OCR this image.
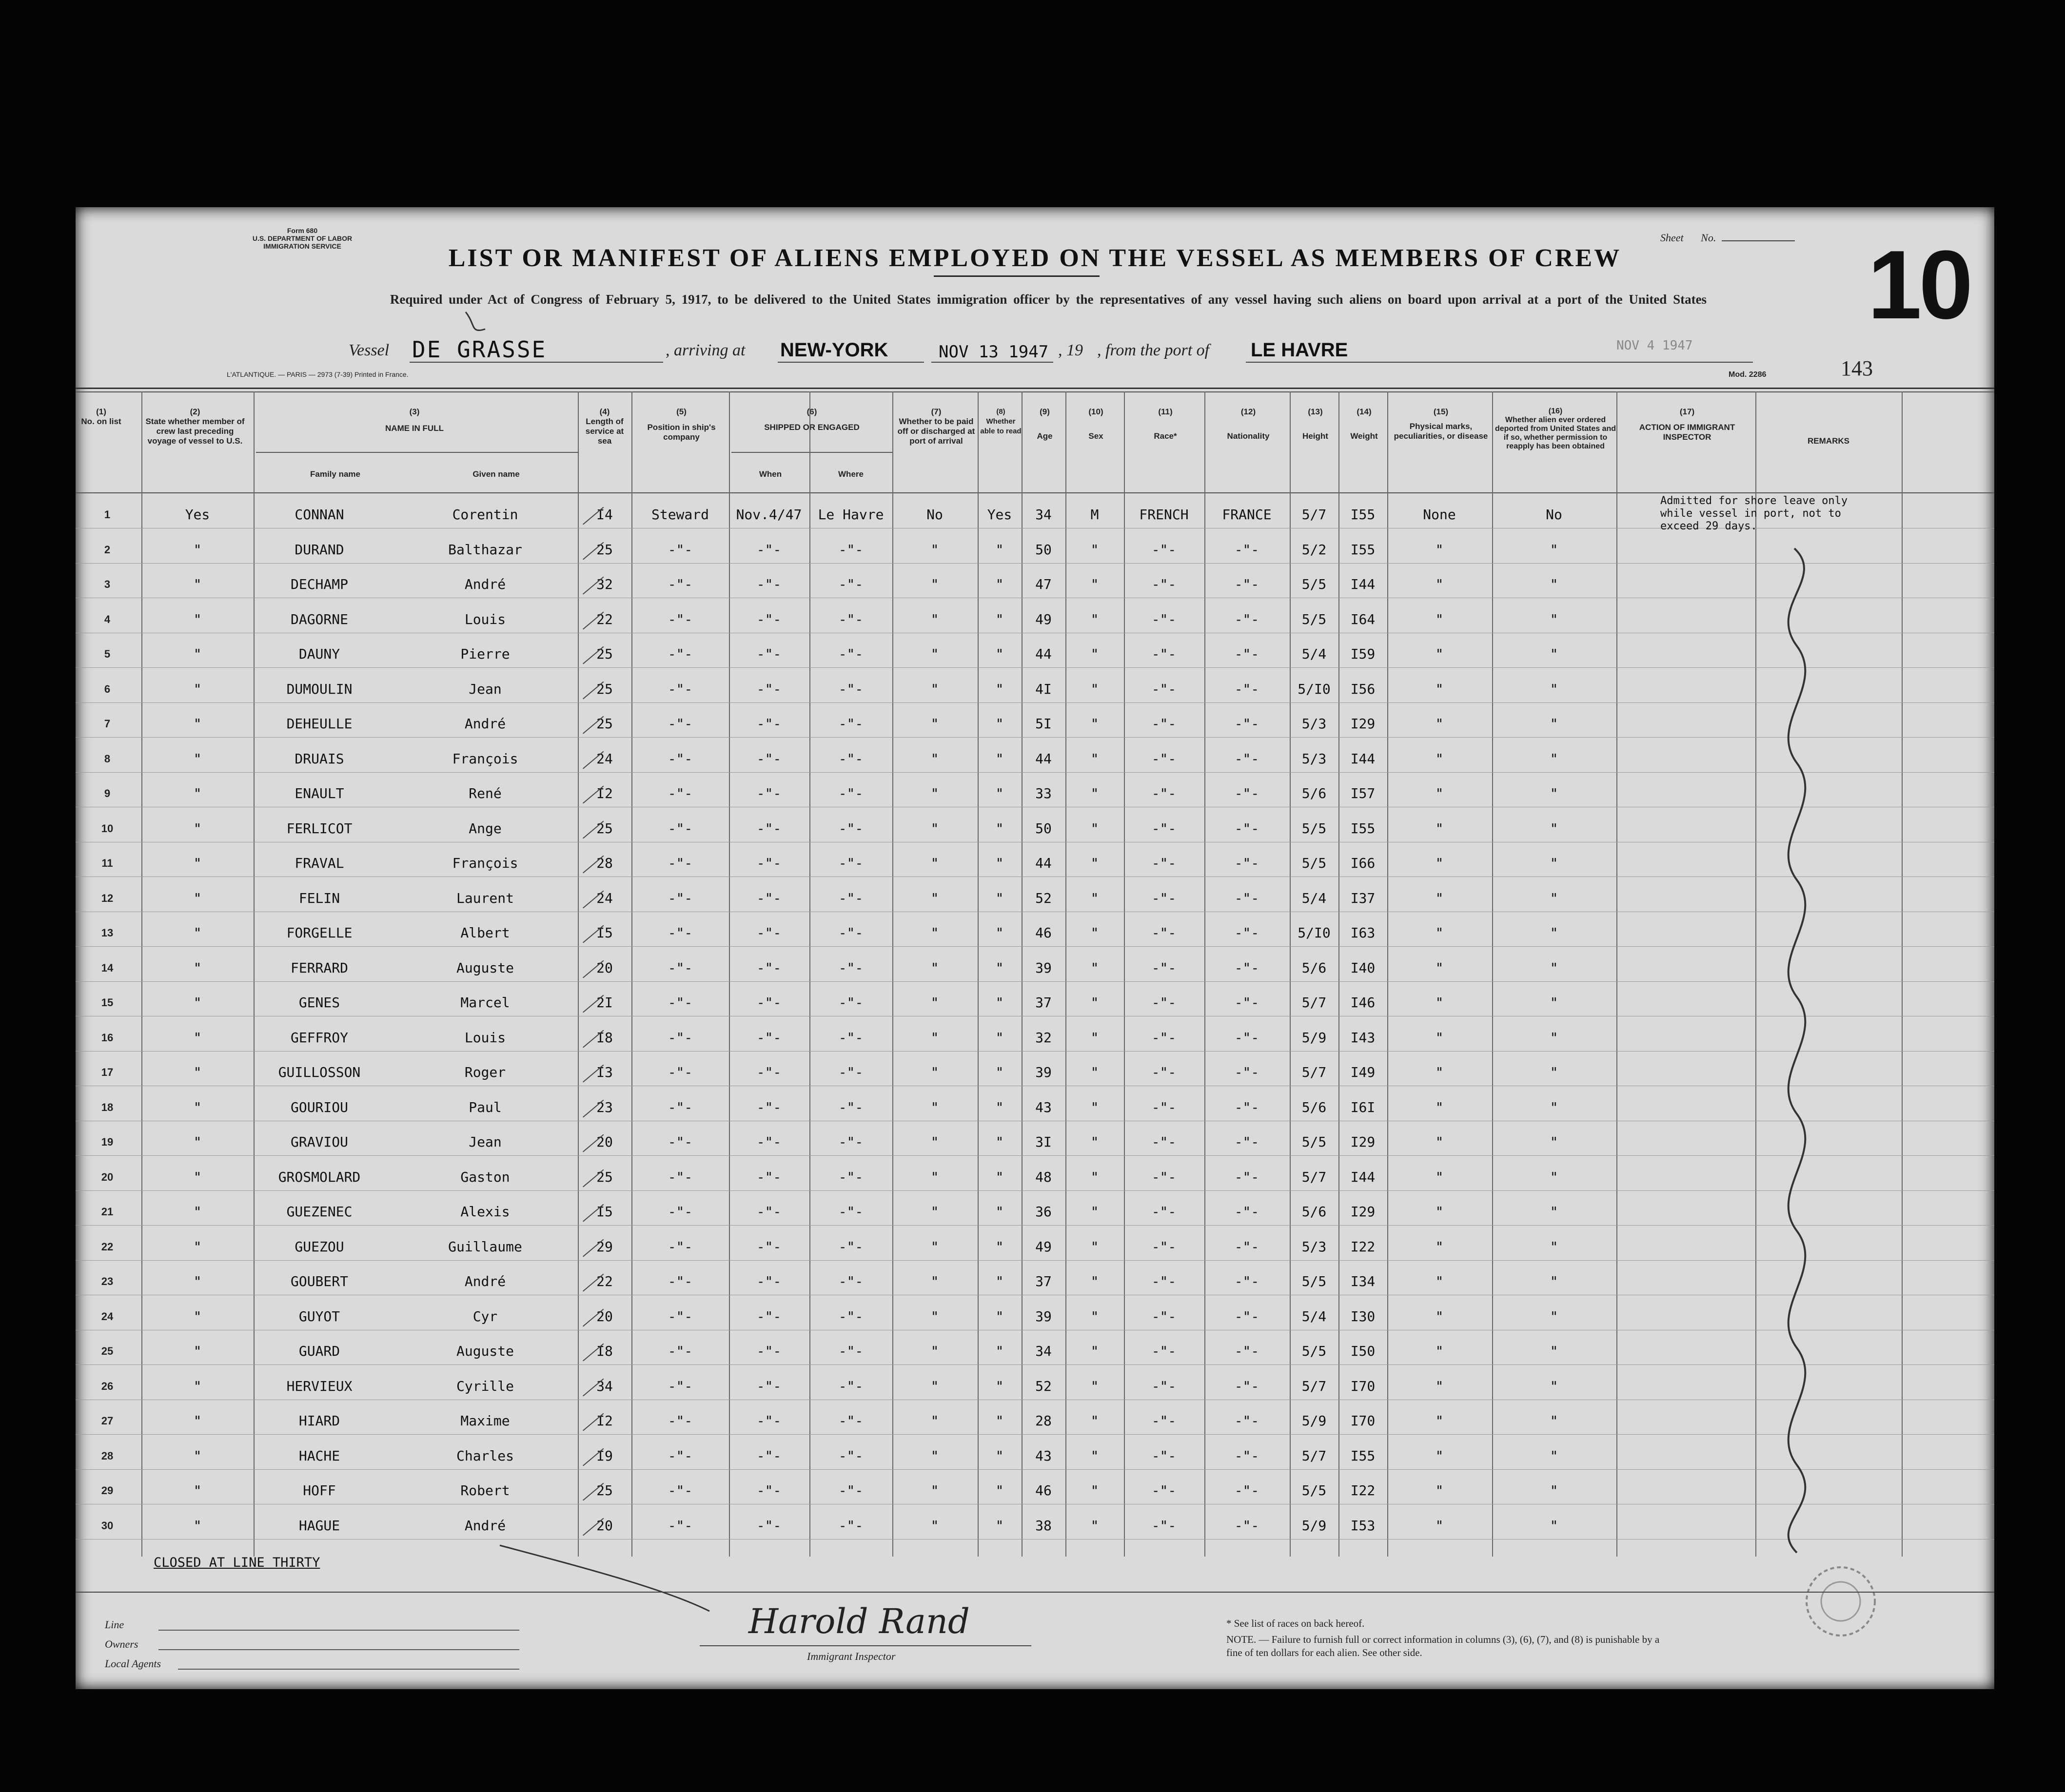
Form 680
U.S. DEPARTMENT OF LABOR
IMMIGRATION SERVICE
Sheet No.	10
LIST OR MANIFEST OF ALIENS EMPLOYED ON THE VESSEL AS MEMBERS OF CREW
Required under Act of Congress of February 5, 1917, to be delivered to the United States immigration officer by the representatives of any vessel having such aliens on board upon arrival at a port of the United States
Vessel DE GRASSE	, arriving at NEW-YORK	NOV 13 1947 , 19 , from the port of LE HAVRE	NOV 4 1947
L'ATLANTIQUE. — PARIS — 2973 (7-39) Printed in France.	Mod. 2286	143
(1)
No. on list
(2)
State whether member of crew last preceding voyage of vessel to U.S.
(3)
NAME IN FULL
Family name	Given name
(4)
Length of service at sea
(5)
Position in ship's company
(6)
SHIPPED OR ENGAGED
When	Where
(7)
Whether to be paid off or discharged at port of arrival
(8)
Whether able to read
(9)
Age
(10)
Sex
(11)
Race*
(12)
Nationality
(13)
Height
(14)
Weight
(15)
Physical marks, peculiarities, or disease
(16)
Whether alien ever ordered deported from United States and if so, whether permission to reapply has been obtained
(17)
ACTION OF IMMIGRANT INSPECTOR	REMARKS
1	Yes	CONNAN	Corentin	I4	Steward	Nov.4/47	Le Havre	No	Yes	34	M	FRENCH	FRANCE	5/7	I55	None	No
2	"	DURAND	Balthazar	25	-"-	-"-	-"-	"	"	50	"	-"-	-"-	5/2	I55	"	"
3	"	DECHAMP	André	32	-"-	-"-	-"-	"	"	47	"	-"-	-"-	5/5	I44	"	"
4	"	DAGORNE	Louis	22	-"-	-"-	-"-	"	"	49	"	-"-	-"-	5/5	I64	"	"
5	"	DAUNY	Pierre	25	-"-	-"-	-"-	"	"	44	"	-"-	-"-	5/4	I59	"	"
6	"	DUMOULIN	Jean	25	-"-	-"-	-"-	"	"	4I	"	-"-	-"-	5/I0	I56	"	"
7	"	DEHEULLE	André	25	-"-	-"-	-"-	"	"	5I	"	-"-	-"-	5/3	I29	"	"
8	"	DRUAIS	François	24	-"-	-"-	-"-	"	"	44	"	-"-	-"-	5/3	I44	"	"
9	"	ENAULT	René	I2	-"-	-"-	-"-	"	"	33	"	-"-	-"-	5/6	I57	"	"
10	"	FERLICOT	Ange	25	-"-	-"-	-"-	"	"	50	"	-"-	-"-	5/5	I55	"	"
11	"	FRAVAL	François	28	-"-	-"-	-"-	"	"	44	"	-"-	-"-	5/5	I66	"	"
12	"	FELIN	Laurent	24	-"-	-"-	-"-	"	"	52	"	-"-	-"-	5/4	I37	"	"
13	"	FORGELLE	Albert	I5	-"-	-"-	-"-	"	"	46	"	-"-	-"-	5/I0	I63	"	"
14	"	FERRARD	Auguste	20	-"-	-"-	-"-	"	"	39	"	-"-	-"-	5/6	I40	"	"
15	"	GENES	Marcel	2I	-"-	-"-	-"-	"	"	37	"	-"-	-"-	5/7	I46	"	"
16	"	GEFFROY	Louis	I8	-"-	-"-	-"-	"	"	32	"	-"-	-"-	5/9	I43	"	"
17	"	GUILLOSSON	Roger	I3	-"-	-"-	-"-	"	"	39	"	-"-	-"-	5/7	I49	"	"
18	"	GOURIOU	Paul	23	-"-	-"-	-"-	"	"	43	"	-"-	-"-	5/6	I6I	"	"
19	"	GRAVIOU	Jean	20	-"-	-"-	-"-	"	"	3I	"	-"-	-"-	5/5	I29	"	"
20	"	GROSMOLARD	Gaston	25	-"-	-"-	-"-	"	"	48	"	-"-	-"-	5/7	I44	"	"
21	"	GUEZENEC	Alexis	I5	-"-	-"-	-"-	"	"	36	"	-"-	-"-	5/6	I29	"	"
22	"	GUEZOU	Guillaume	29	-"-	-"-	-"-	"	"	49	"	-"-	-"-	5/3	I22	"	"
23	"	GOUBERT	André	22	-"-	-"-	-"-	"	"	37	"	-"-	-"-	5/5	I34	"	"
24	"	GUYOT	Cyr	20	-"-	-"-	-"-	"	"	39	"	-"-	-"-	5/4	I30	"	"
25	"	GUARD	Auguste	I8	-"-	-"-	-"-	"	"	34	"	-"-	-"-	5/5	I50	"	"
26	"	HERVIEUX	Cyrille	34	-"-	-"-	-"-	"	"	52	"	-"-	-"-	5/7	I70	"	"
27	"	HIARD	Maxime	I2	-"-	-"-	-"-	"	"	28	"	-"-	-"-	5/9	I70	"	"
28	"	HACHE	Charles	I9	-"-	-"-	-"-	"	"	43	"	-"-	-"-	5/7	I55	"	"
29	"	HOFF	Robert	25	-"-	-"-	-"-	"	"	46	"	-"-	-"-	5/5	I22	"	"
30	"	HAGUE	André	20	-"-	-"-	-"-	"	"	38	"	-"-	-"-	5/9	I53	"	"
CLOSED AT LINE THIRTY
Admitted for shore leave only while vessel in port, not to exceed 29 days.
Line
Owners
Local Agents
Harold Rand
Immigrant Inspector
* See list of races on back hereof.
NOTE. — Failure to furnish full or correct information in columns (3), (6), (7), and (8) is punishable by a fine of ten dollars for each alien. See other side.
